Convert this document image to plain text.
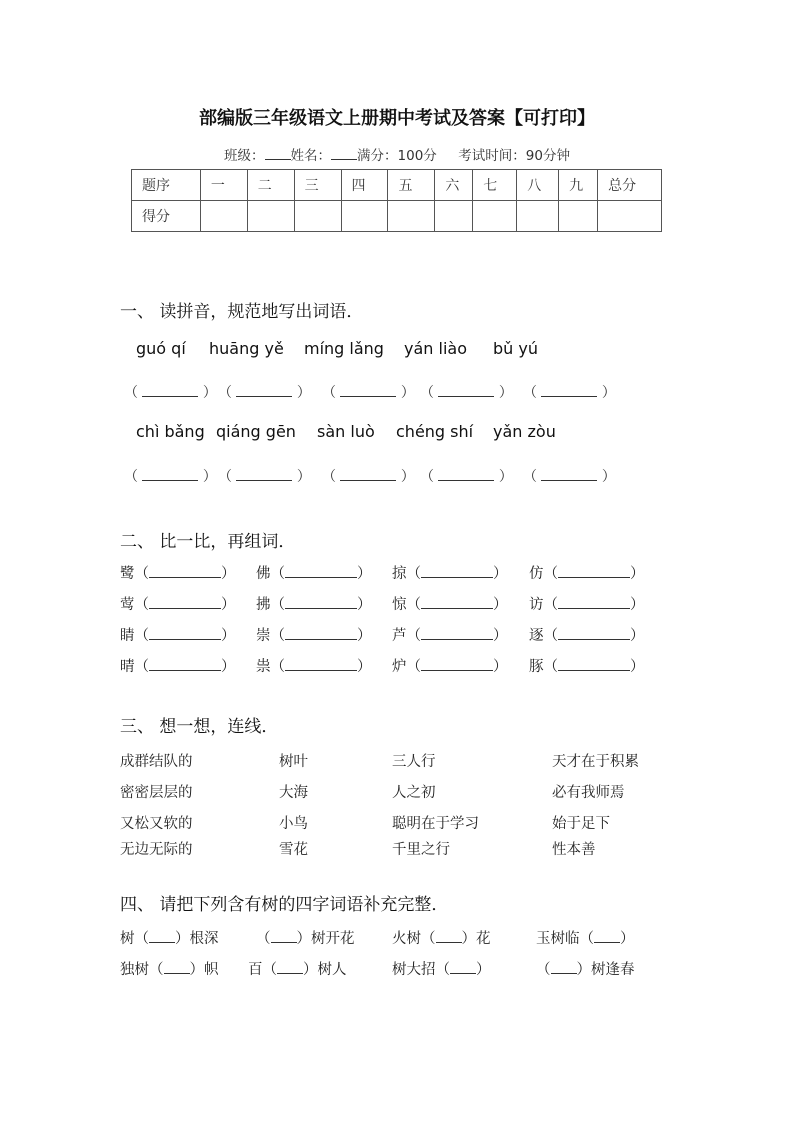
部编版三年级语文上册期中考试及答案【可打印】
班级： 姓名： 满分：100分 考试时间：90分钟
题序	一	二	三	四	五	六	七	八	九	总分
得分										
一、 读拼音，规范地写出词语．
guó qí huāng yě míng lǎng yán liào bǔ yú
（	） （	） （	） （	） （	）
chì bǎng qiáng gēn sàn luò chéng shí yǎn zòu
（	） （	） （	） （	） （	）
二、 比一比，再组词．
鹭（	） 佛（	） 掠（	） 仿（	）
莺（	） 拂（	） 惊（	） 访（	）
睛（	） 崇（	） 芦（	） 逐（	）
晴（	） 祟（	） 炉（	） 豚（	）
三、 想一想，连线．
成群结队的	树叶	三人行	天才在于积累
密密层层的	大海	人之初	必有我师焉
又松又软的	小鸟	聪明在于学习	始于足下
无边无际的	雪花	千里之行	性本善
四、 请把下列含有树的四字词语补充完整．
树（ ）根深	（ ）树开花	火树（ ）花	玉树临（ ）
独树（ ）帜 百（ ）树人	树大招（ ）	（ ）树逢春
